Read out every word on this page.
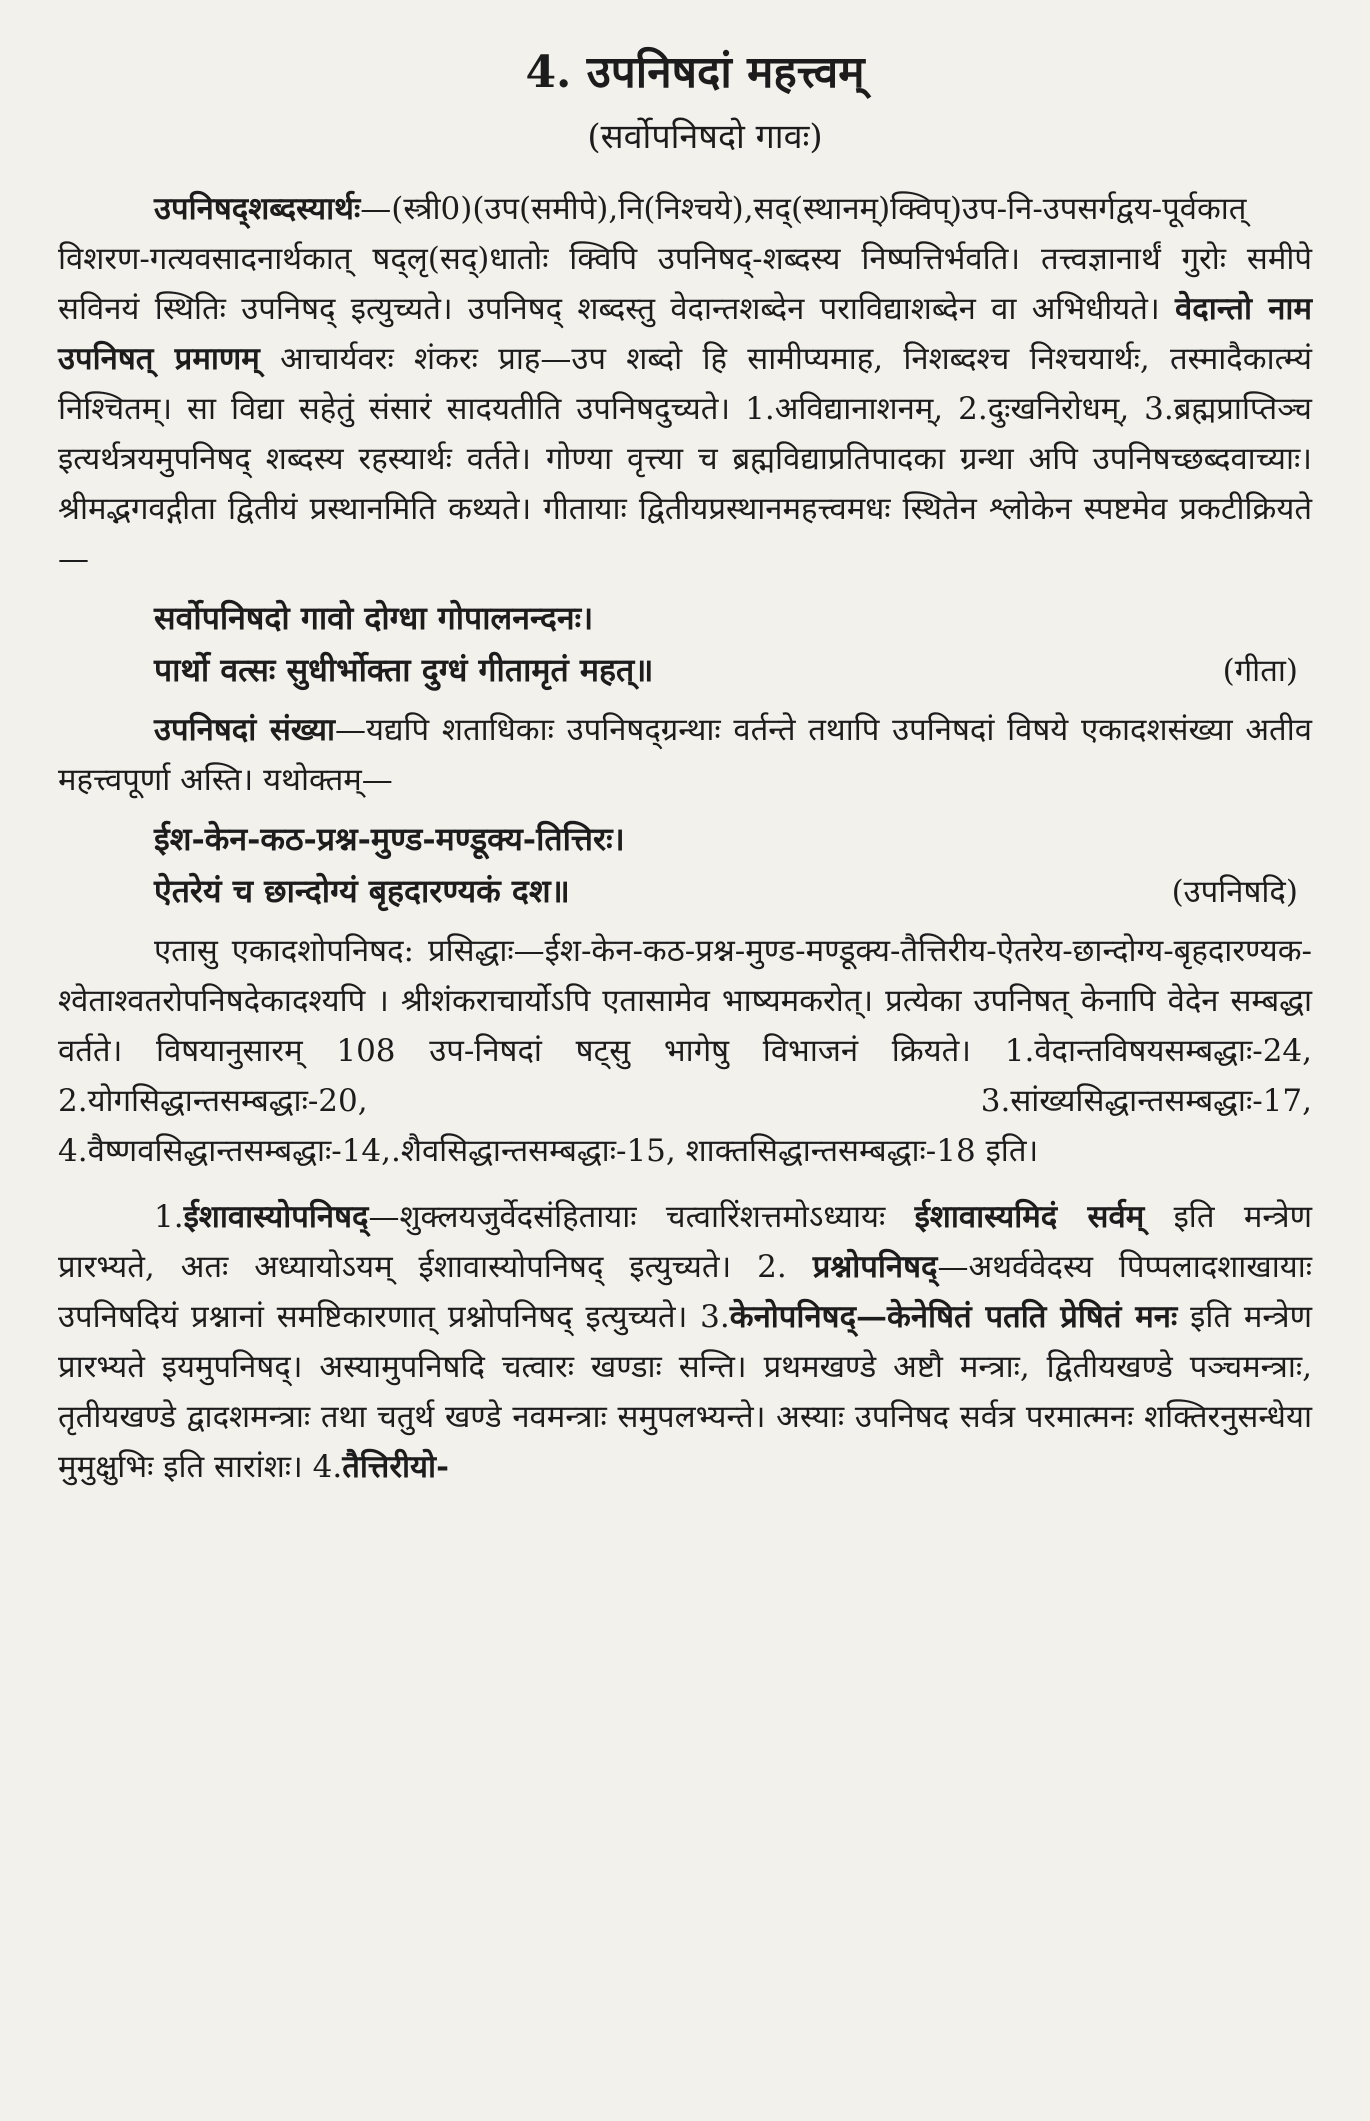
4. उपनिषदां महत्त्वम्
(सर्वोपनिषदो गावः)

उपनिषद्शब्दस्यार्थः—(स्त्री0)(उप(समीपे),नि(निश्चये),सद्(स्थानम्)क्विप्)उप-नि-उपसर्गद्वय-पूर्वकात् विशरण-गत्यवसादनार्थकात् षद्लृ(सद्)धातोः क्विपि उपनिषद्-शब्दस्य निष्पत्तिर्भवति। तत्त्वज्ञानार्थं गुरोः समीपे सविनयं स्थितिः उपनिषद् इत्युच्यते। उपनिषद् शब्दस्तु वेदान्तशब्देन पराविद्याशब्देन वा अभिधीयते। वेदान्तो नाम उपनिषत् प्रमाणम् आचार्यवरः शंकरः प्राह—उप शब्दो हि सामीप्यमाह, निशब्दश्च निश्चयार्थः, तस्मादैकात्म्यं निश्चितम्। सा विद्या सहेतुं संसारं सादयतीति उपनिषदुच्यते। 1.अविद्यानाशनम्, 2.दुःखनिरोधम्, 3.ब्रह्मप्राप्तिञ्च इत्यर्थत्रयमुपनिषद् शब्दस्य रहस्यार्थः वर्तते। गोण्या वृत्त्या च ब्रह्मविद्याप्रतिपादका ग्रन्था अपि उपनिषच्छब्दवाच्याः। श्रीमद्भगवद्गीता द्वितीयं प्रस्थानमिति कथ्यते। गीतायाः द्वितीयप्रस्थानमहत्त्वमधः स्थितेन श्लोकेन स्पष्टमेव प्रकटीक्रियते—

सर्वोपनिषदो गावो दोग्धा गोपालनन्दनः।
पार्थो वत्सः सुधीर्भोक्ता दुग्धं गीतामृतं महत्॥	(गीता)

उपनिषदां संख्या—यद्यपि शताधिकाः उपनिषद्ग्रन्थाः वर्तन्ते तथापि उपनिषदां विषये एकादशसंख्या अतीव महत्त्वपूर्णा अस्ति। यथोक्तम्—

ईश-केन-कठ-प्रश्न-मुण्ड-मण्डूक्य-तित्तिरः।
ऐतरेयं च छान्दोग्यं बृहदारण्यकं दश॥	(उपनिषदि)

एतासु एकादशोपनिषद: प्रसिद्धाः—ईश-केन-कठ-प्रश्न-मुण्ड-मण्डूक्य-तैत्तिरीय-ऐतरेय-छान्दोग्य-बृहदारण्यक-श्वेताश्वतरोपनिषदेकादश्यपि । श्रीशंकराचार्योऽपि एतासामेव भाष्यमकरोत्। प्रत्येका उपनिषत् केनापि वेदेन सम्बद्धा वर्तते। विषयानुसारम् 108 उप-निषदां षट्सु भागेषु विभाजनं क्रियते। 1.वेदान्तविषयसम्बद्धाः-24, 2.योगसिद्धान्तसम्बद्धाः-20, 3.सांख्यसिद्धान्तसम्बद्धाः-17, 4.वैष्णवसिद्धान्तसम्बद्धाः-14,.शैवसिद्धान्तसम्बद्धाः-15, शाक्तसिद्धान्तसम्बद्धाः-18 इति।

1.ईशावास्योपनिषद्—शुक्लयजुर्वेदसंहितायाः चत्वारिंशत्तमोऽध्यायः ईशावास्यमिदं सर्वम् इति मन्त्रेण प्रारभ्यते, अतः अध्यायोऽयम् ईशावास्योपनिषद् इत्युच्यते। 2. प्रश्नोपनिषद्—अथर्ववेदस्य पिप्पलादशाखायाः उपनिषदियं प्रश्नानां समष्टिकारणात् प्रश्नोपनिषद् इत्युच्यते। 3.केनोपनिषद्—केनेषितं पतति प्रेषितं मनः इति मन्त्रेण प्रारभ्यते इयमुपनिषद्। अस्यामुपनिषदि चत्वारः खण्डाः सन्ति। प्रथमखण्डे अष्टौ मन्त्राः, द्वितीयखण्डे पञ्चमन्त्राः, तृतीयखण्डे द्वादशमन्त्राः तथा चतुर्थ खण्डे नवमन्त्राः समुपलभ्यन्ते। अस्याः उपनिषद सर्वत्र परमात्मनः शक्तिरनुसन्धेया मुमुक्षुभिः इति सारांशः। 4.तैत्तिरीयो-
